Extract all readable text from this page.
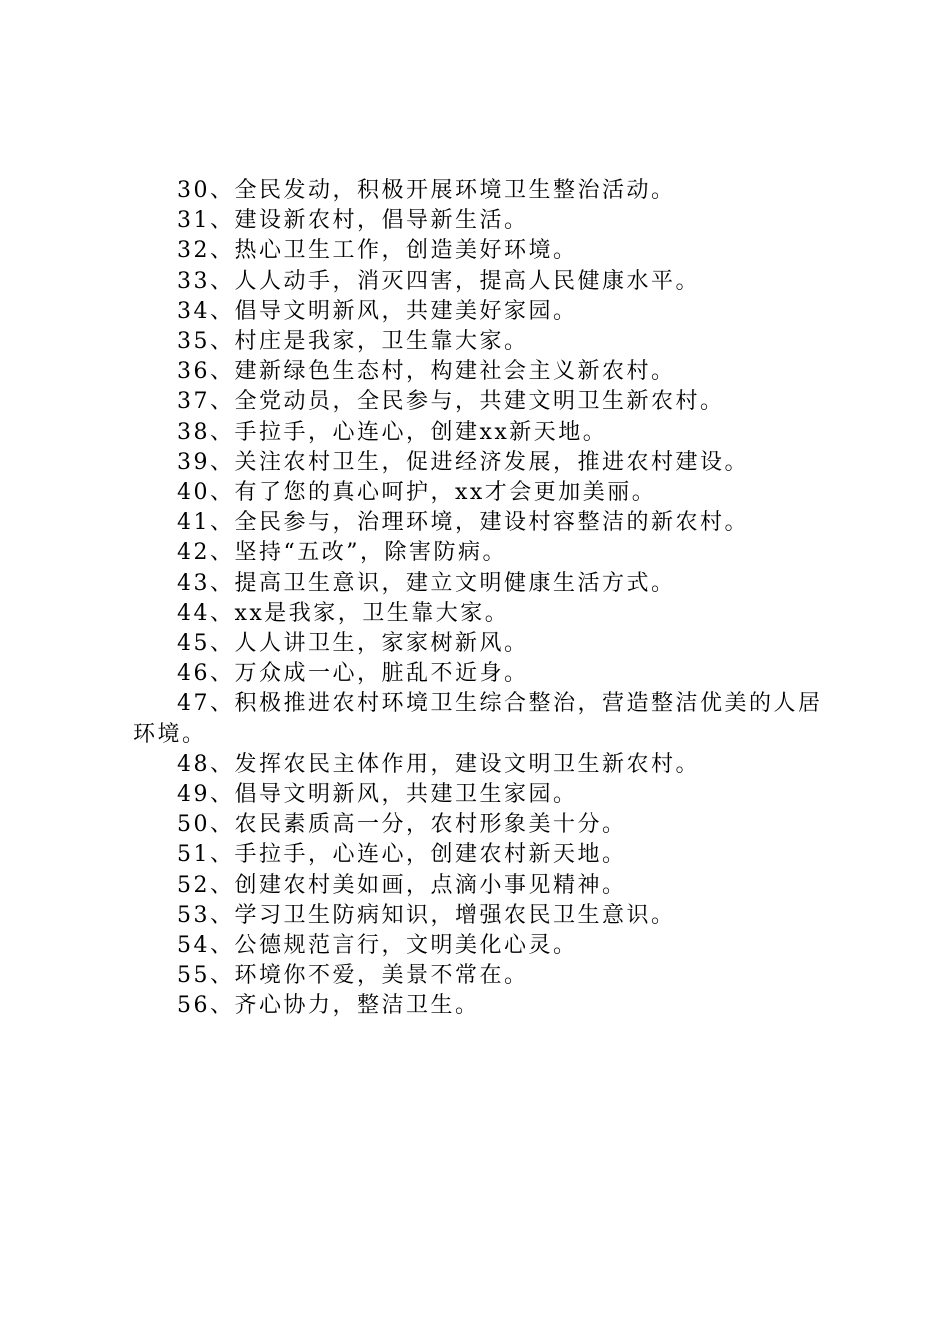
30、全民发动，积极开展环境卫生整治活动。
31、建设新农村，倡导新生活。
32、热心卫生工作，创造美好环境。
33、人人动手，消灭四害，提高人民健康水平。
34、倡导文明新风，共建美好家园。
35、村庄是我家，卫生靠大家。
36、建新绿色生态村，构建社会主义新农村。
37、全党动员，全民参与，共建文明卫生新农村。
38、手拉手，心连心，创建xx新天地。
39、关注农村卫生，促进经济发展，推进农村建设。
40、有了您的真心呵护，xx才会更加美丽。
41、全民参与，治理环境，建设村容整洁的新农村。
42、坚持“五改”，除害防病。
43、提高卫生意识，建立文明健康生活方式。
44、xx是我家，卫生靠大家。
45、人人讲卫生，家家树新风。
46、万众成一心，脏乱不近身。
47、积极推进农村环境卫生综合整治，营造整洁优美的人居环境。
48、发挥农民主体作用，建设文明卫生新农村。
49、倡导文明新风，共建卫生家园。
50、农民素质高一分，农村形象美十分。
51、手拉手，心连心，创建农村新天地。
52、创建农村美如画，点滴小事见精神。
53、学习卫生防病知识，增强农民卫生意识。
54、公德规范言行，文明美化心灵。
55、环境你不爱，美景不常在。
56、齐心协力，整洁卫生。
